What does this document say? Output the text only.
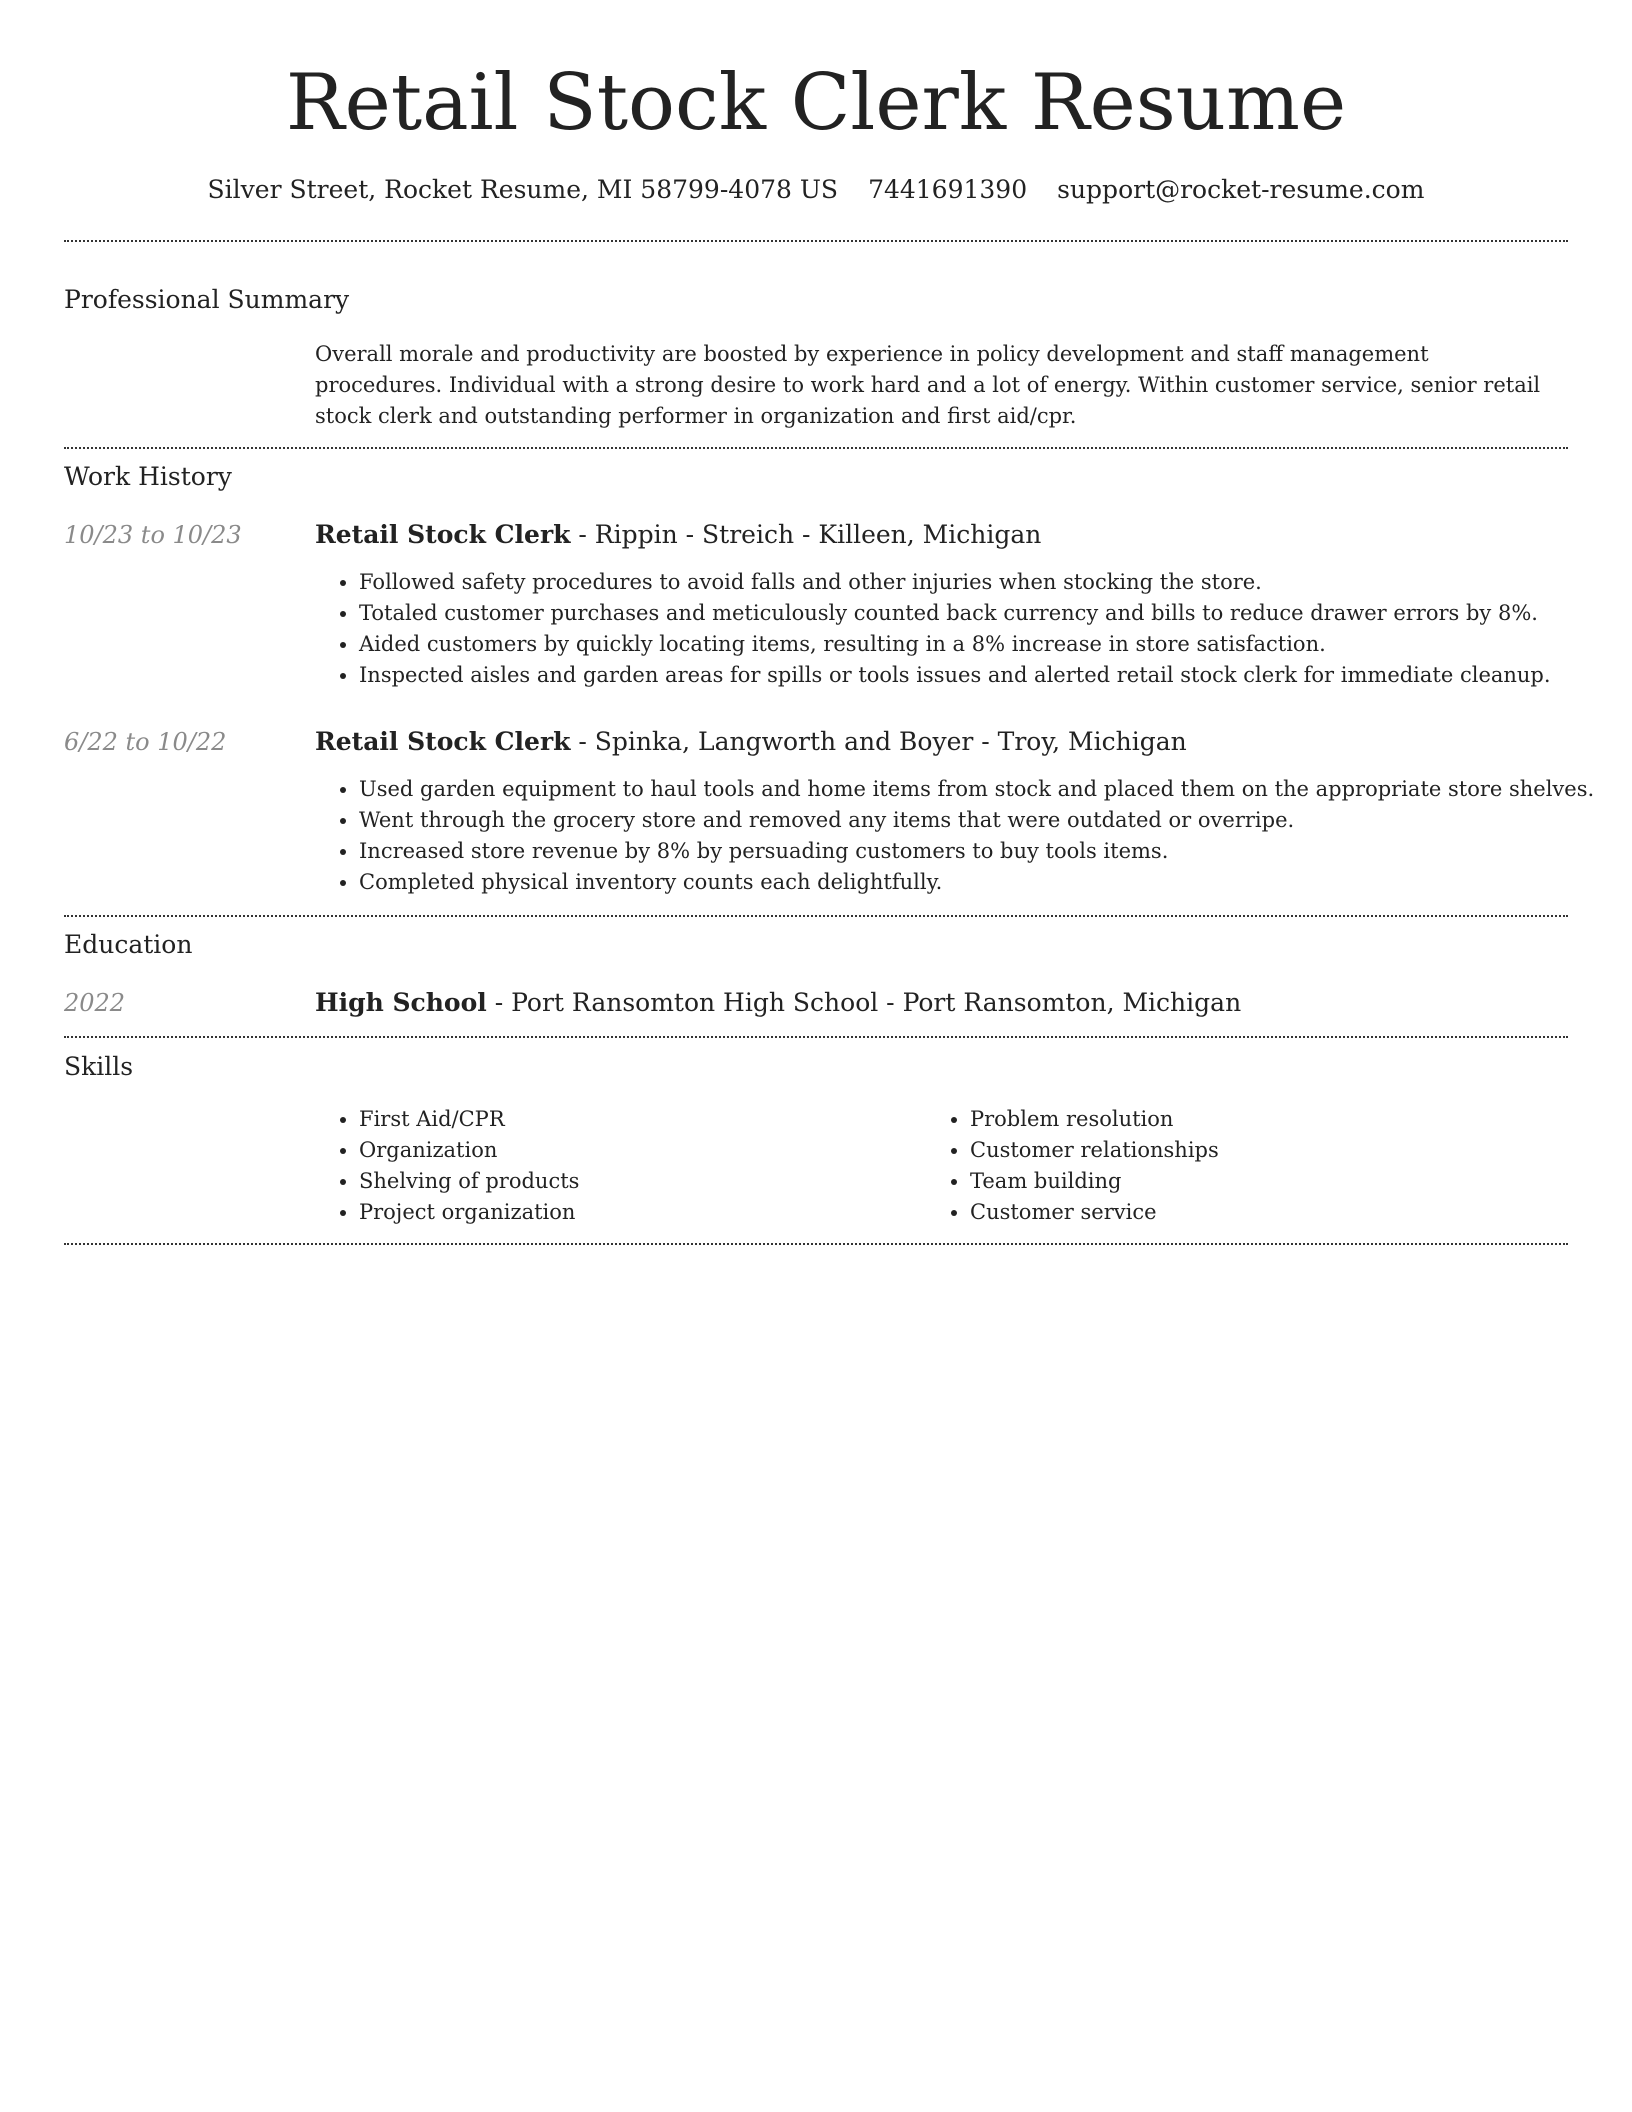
Retail Stock Clerk Resume
Silver Street, Rocket Resume, MI 58799-4078 US 7441691390 support@rocket-resume.com
Professional Summary
Overall morale and productivity are boosted by experience in policy development and staff management procedures. Individual with a strong desire to work hard and a lot of energy. Within customer service, senior retail stock clerk and outstanding performer in organization and first aid/cpr.
Work History
10/23 to 10/23	Retail Stock Clerk - Rippin - Streich - Killeen, Michigan
• Followed safety procedures to avoid falls and other injuries when stocking the store.
• Totaled customer purchases and meticulously counted back currency and bills to reduce drawer errors by 8%.
• Aided customers by quickly locating items, resulting in a 8% increase in store satisfaction.
• Inspected aisles and garden areas for spills or tools issues and alerted retail stock clerk for immediate cleanup.
6/22 to 10/22	Retail Stock Clerk - Spinka, Langworth and Boyer - Troy, Michigan
• Used garden equipment to haul tools and home items from stock and placed them on the appropriate store shelves.
• Went through the grocery store and removed any items that were outdated or overripe.
• Increased store revenue by 8% by persuading customers to buy tools items.
• Completed physical inventory counts each delightfully.
Education
2022	High School - Port Ransomton High School - Port Ransomton, Michigan
Skills
• First Aid/CPR
• Organization
• Shelving of products
• Project organization
• Problem resolution
• Customer relationships
• Team building
• Customer service
